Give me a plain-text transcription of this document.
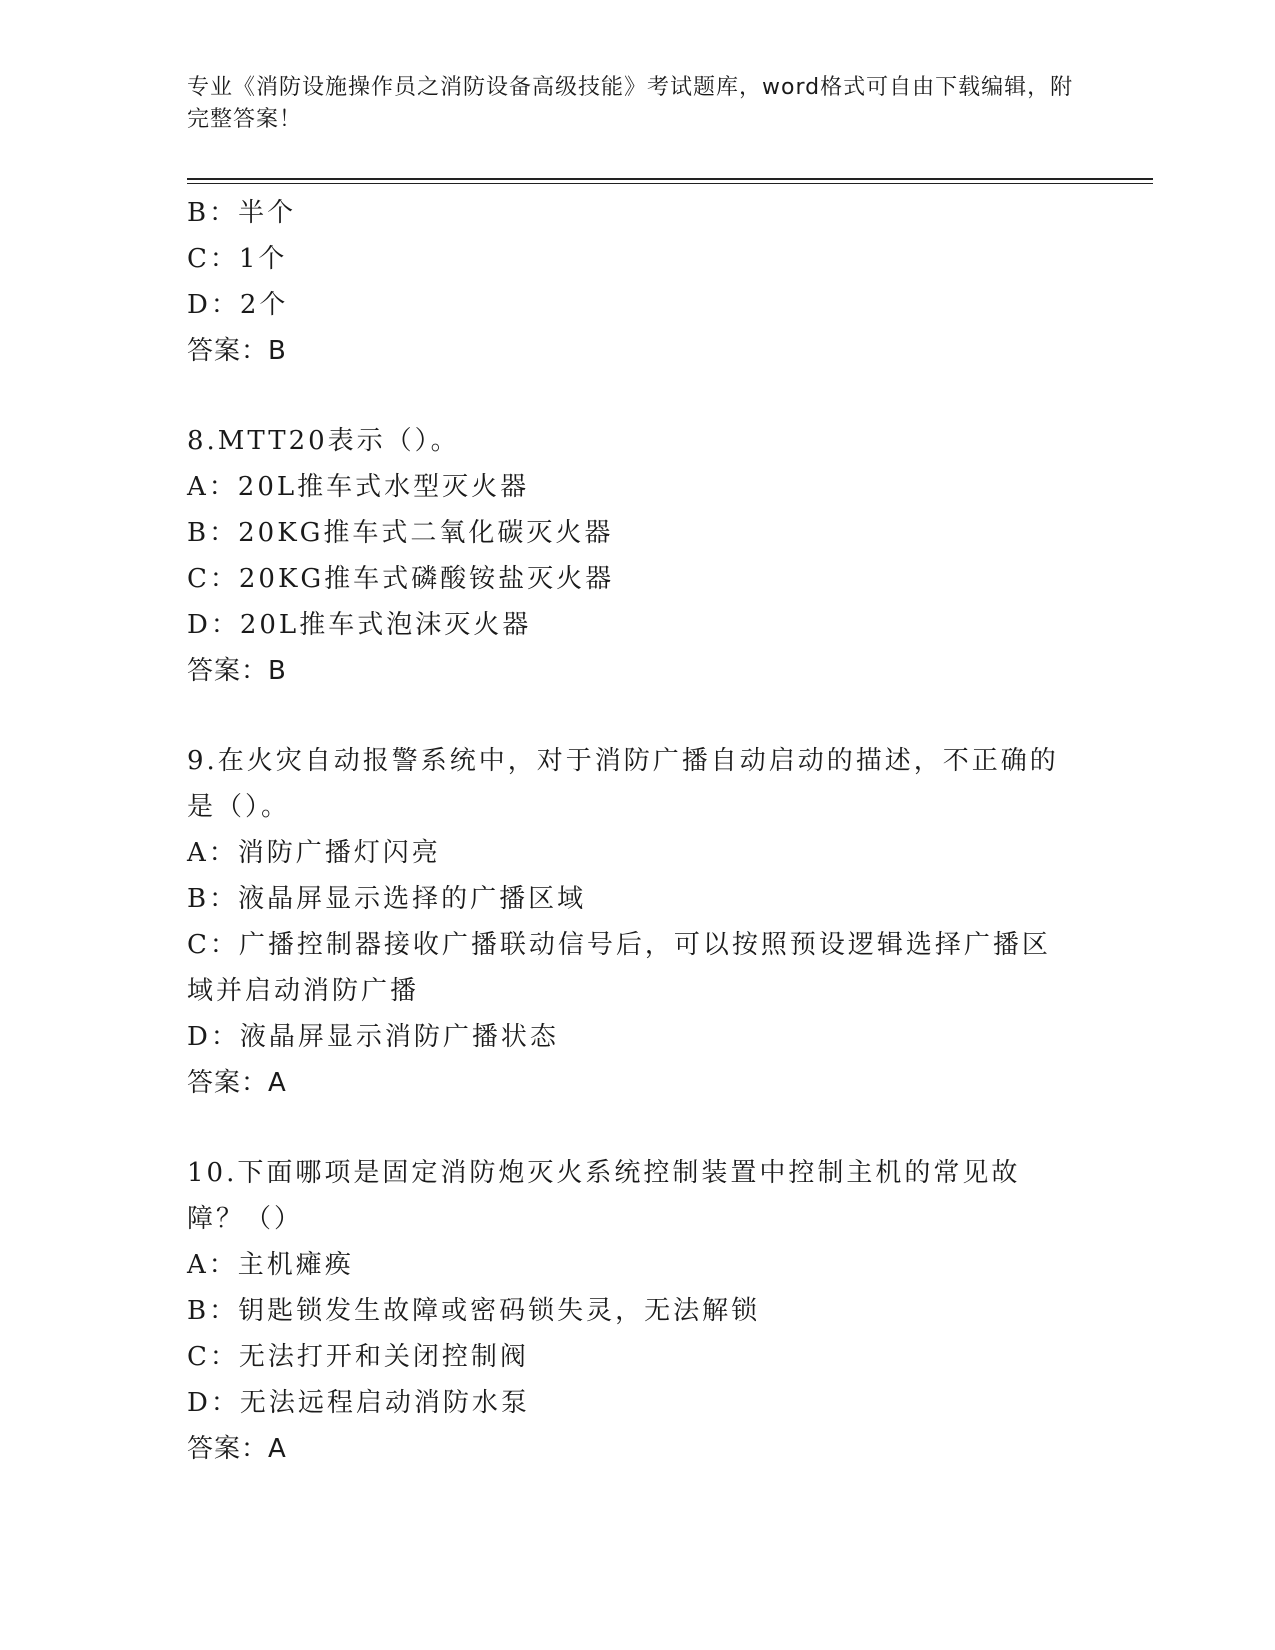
专业《消防设施操作员之消防设备高级技能》考试题库，word格式可自由下载编辑，附完整答案！
B：半个
C：1个
D：2个
答案：B
8.MTT20表示（）。
A：20L推车式水型灭火器
B：20KG推车式二氧化碳灭火器
C：20KG推车式磷酸铵盐灭火器
D：20L推车式泡沫灭火器
答案：B
9.在火灾自动报警系统中，对于消防广播自动启动的描述，不正确的是（）。
A：消防广播灯闪亮
B：液晶屏显示选择的广播区域
C：广播控制器接收广播联动信号后，可以按照预设逻辑选择广播区域并启动消防广播
D：液晶屏显示消防广播状态
答案：A
10.下面哪项是固定消防炮灭火系统控制装置中控制主机的常见故障？（）
A：主机瘫痪
B：钥匙锁发生故障或密码锁失灵，无法解锁
C：无法打开和关闭控制阀
D：无法远程启动消防水泵
答案：A
